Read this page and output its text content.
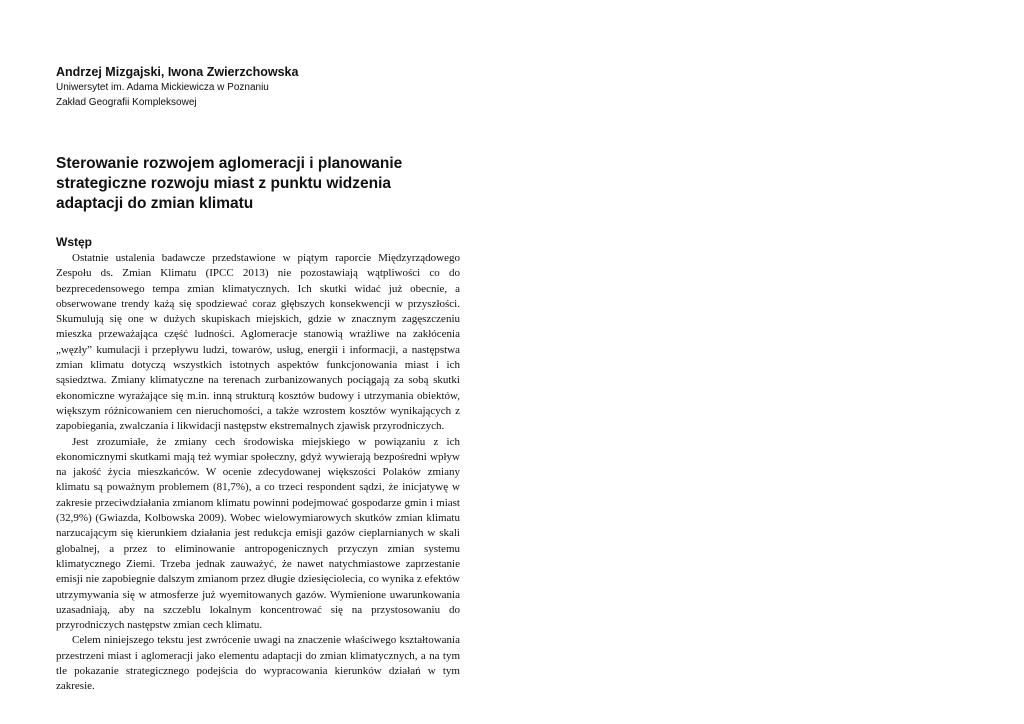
Andrzej Mizgajski, Iwona Zwierzchowska

Uniwersytet im. Adama Mickiewicza w Poznaniu

Zakład Geografii Kompleksowej

Sterowanie rozwojem aglomeracji i planowanie strategiczne rozwoju miast z punktu widzenia adaptacji do zmian klimatu
Wstęp

Ostatnie ustalenia badawcze przedstawione w piątym raporcie Międzyrządowego Zespołu ds. Zmian Klimatu (IPCC 2013) nie pozostawiają wątpliwości co do bezprecedensowego tempa zmian klimatycznych. Ich skutki widać już obecnie, a obserwowane trendy każą się spodziewać coraz głębszych konsekwencji w przyszłości. Skumulują się one w dużych skupiskach miejskich, gdzie w znacznym zagęszczeniu mieszka przeważająca część ludności. Aglomeracje stanowią wrażliwe na zakłócenia „węzły” kumulacji i przepływu ludzi, towarów, usług, energii i informacji, a następstwa zmian klimatu dotyczą wszystkich istotnych aspektów funkcjonowania miast i ich sąsiedztwa. Zmiany klimatyczne na terenach zurbanizowanych pociągają za sobą skutki ekonomiczne wyrażające się m.in. inną strukturą kosztów budowy i utrzymania obiektów, większym różnicowaniem cen nieruchomości, a także wzrostem kosztów wynikających z zapobiegania, zwalczania i likwidacji następstw ekstremalnych zjawisk przyrodniczych.

Jest zrozumiałe, że zmiany cech środowiska miejskiego w powiązaniu z ich ekonomicznymi skutkami mają też wymiar społeczny, gdyż wywierają bezpośredni wpływ na jakość życia mieszkańców. W ocenie zdecydowanej większości Polaków zmiany klimatu są poważnym problemem (81,7%), a co trzeci respondent sądzi, że inicjatywę w zakresie przeciwdziałania zmianom klimatu powinni podejmować gospodarze gmin i miast (32,9%) (Gwiazda, Kolbowska 2009). Wobec wielowymiarowych skutków zmian klimatu narzucającym się kierunkiem działania jest redukcja emisji gazów cieplarnianych w skali globalnej, a przez to eliminowanie antropogenicznych przyczyn zmian systemu klimatycznego Ziemi. Trzeba jednak zauważyć, że nawet natychmiastowe zaprzestanie emisji nie zapobiegnie dalszym zmianom przez długie dziesięciolecia, co wynika z efektów utrzymywania się w atmosferze już wyemitowanych gazów. Wymienione uwarunkowania uzasadniają, aby na szczeblu lokalnym koncentrować się na przystosowaniu do przyrodniczych następstw zmian cech klimatu.

Celem niniejszego tekstu jest zwrócenie uwagi na znaczenie właściwego kształtowania przestrzeni miast i aglomeracji jako elementu adaptacji do zmian klimatycznych, a na tym tle pokazanie strategicznego podejścia do wypracowania kierunków działań w tym zakresie.
